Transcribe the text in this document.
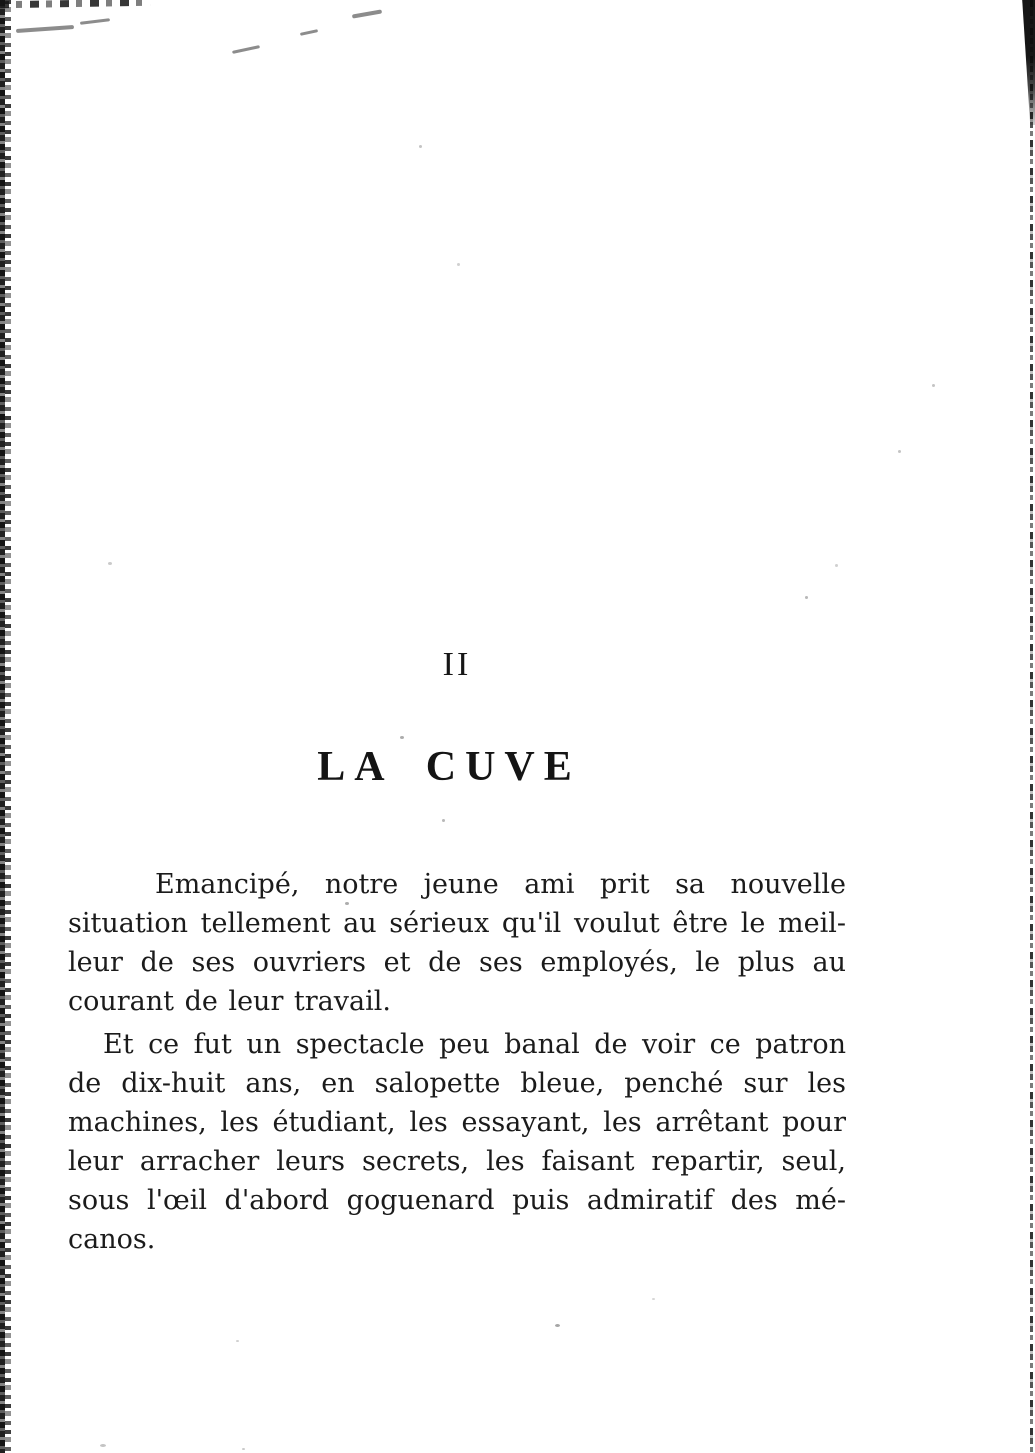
II
LA CUVE
Emancipé, notre jeune ami prit sa nouvelle
situation tellement au sérieux qu'il voulut être le meil-
leur de ses ouvriers et de ses employés, le plus au
courant de leur travail.
Et ce fut un spectacle peu banal de voir ce patron
de dix-huit ans, en salopette bleue, penché sur les
machines, les étudiant, les essayant, les arrêtant pour
leur arracher leurs secrets, les faisant repartir, seul,
sous l'œil d'abord goguenard puis admiratif des mé-
canos.
